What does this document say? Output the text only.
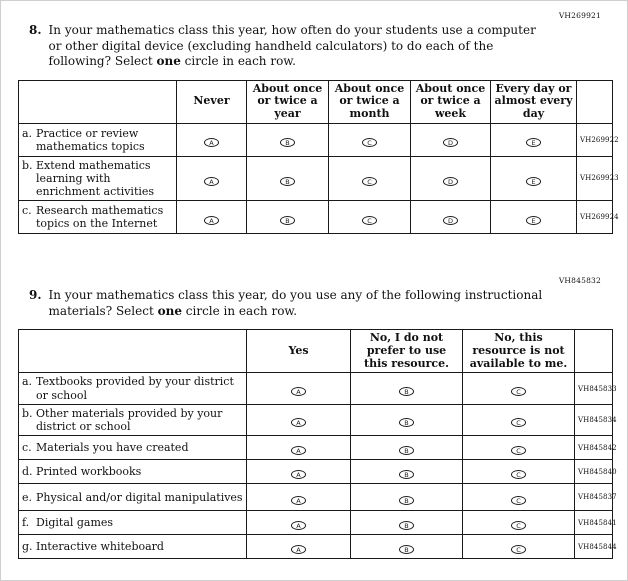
VH269921
8. In your mathematics class this year, how often do your students use a computer or other digital device (excluding handheld calculators) to do each of the following? Select one circle in each row.
	Never	About once or twice a year	About once or twice a month	About once or twice a week	Every day or almost every day	

a. Practice or review mathematics topics	A	B	C	D	E	VH269922

b. Extend mathematics learning with enrichment activities	A	B	C	D	E	VH269923

c. Research mathematics topics on the Internet	A	B	C	D	E	VH269924
VH845832
9. In your mathematics class this year, do you use any of the following instructional materials? Select one circle in each row.
	Yes	No, I do not prefer to use this resource.	No, this resource is not available to me.	

a. Textbooks provided by your district or school	A	B	C	VH845833

b. Other materials provided by your district or school	A	B	C	VH845834

c. Materials you have created	A	B	C	VH845842

d. Printed workbooks	A	B	C	VH845840

e. Physical and/or digital manipulatives	A	B	C	VH845837

f. Digital games	A	B	C	VH845841

g. Interactive whiteboard	A	B	C	VH845844
